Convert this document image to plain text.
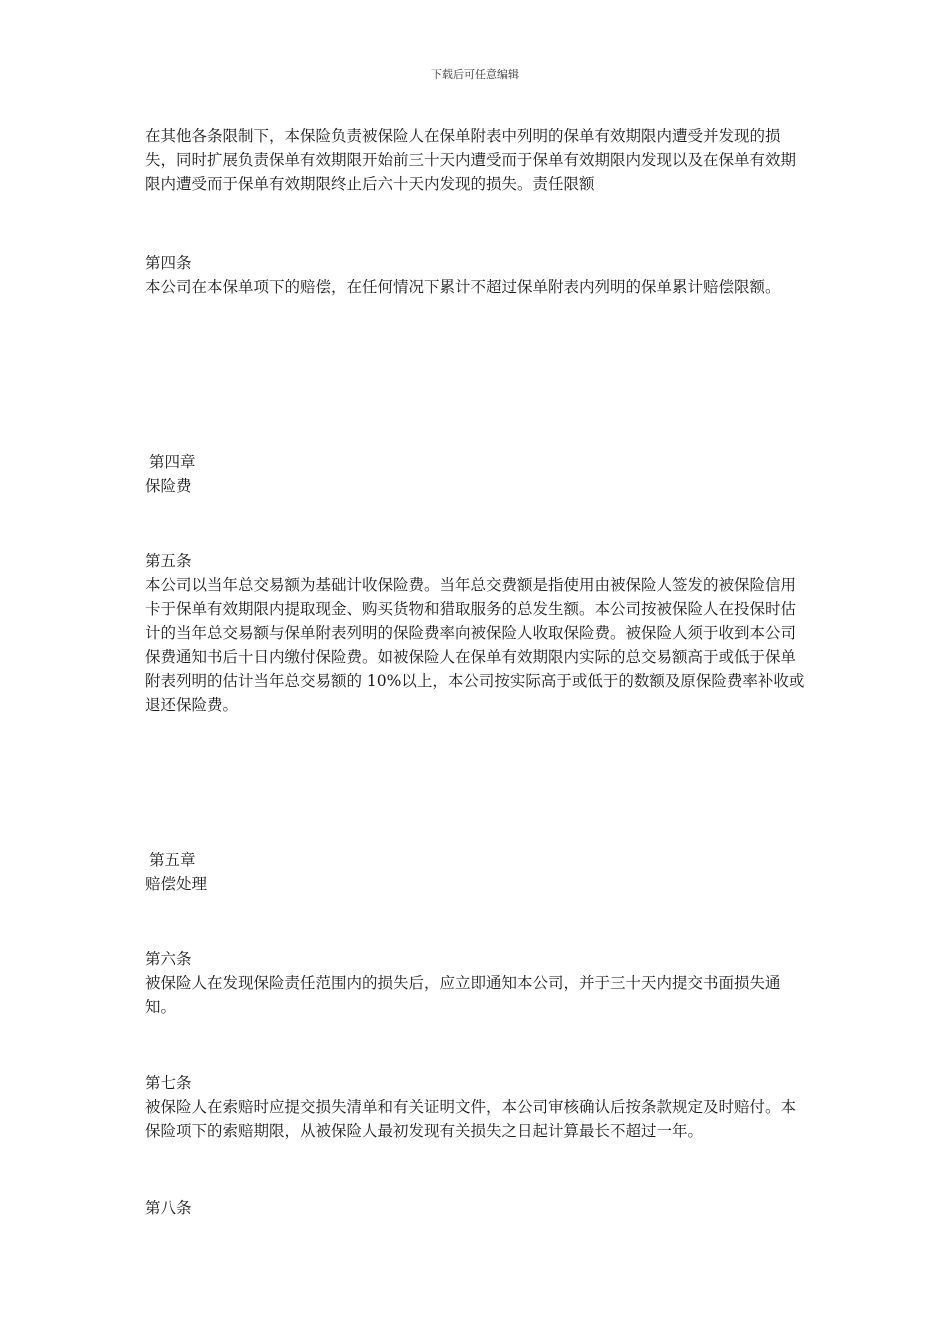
下载后可任意编辑

在其他各条限制下，本保险负责被保险人在保单附表中列明的保单有效期限内遭受并发现的损失，同时扩展负责保单有效期限开始前三十天内遭受而于保单有效期限内发现以及在保单有效期限内遭受而于保单有效期限终止后六十天内发现的损失。责任限额

第四条

本公司在本保单项下的赔偿，在任何情况下累计不超过保单附表内列明的保单累计赔偿限额。

第四章

保险费

第五条

本公司以当年总交易额为基础计收保险费。当年总交费额是指使用由被保险人签发的被保险信用卡于保单有效期限内提取现金、购买货物和猎取服务的总发生额。本公司按被保险人在投保时估计的当年总交易额与保单附表列明的保险费率向被保险人收取保险费。被保险人须于收到本公司保费通知书后十日内缴付保险费。如被保险人在保单有效期限内实际的总交易额高于或低于保单附表列明的估计当年总交易额的 10%以上，本公司按实际高于或低于的数额及原保险费率补收或退还保险费。

第五章

赔偿处理

第六条

被保险人在发现保险责任范围内的损失后，应立即通知本公司，并于三十天内提交书面损失通知。

第七条

被保险人在索赔时应提交损失清单和有关证明文件，本公司审核确认后按条款规定及时赔付。本保险项下的索赔期限，从被保险人最初发现有关损失之日起计算最长不超过一年。

第八条
